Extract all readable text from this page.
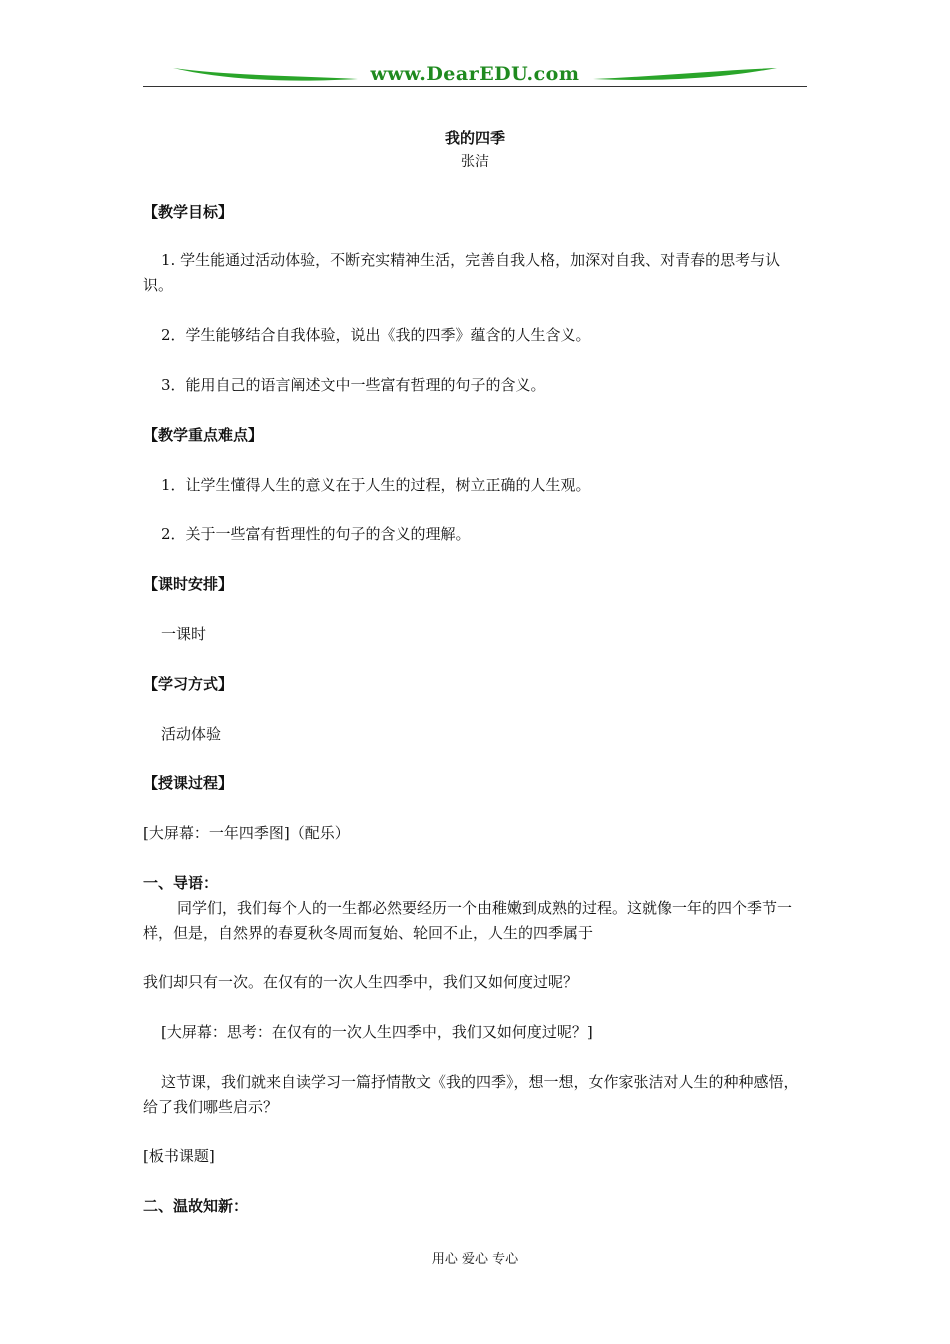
www.DearEDU.com
我的四季
张洁
【教学目标】
1. 学生能通过活动体验，不断充实精神生活，完善自我人格，加深对自我、对青春的思考与认识。
2．学生能够结合自我体验，说出《我的四季》蕴含的人生含义。
3．能用自己的语言阐述文中一些富有哲理的句子的含义。
【教学重点难点】
1．让学生懂得人生的意义在于人生的过程，树立正确的人生观。
2．关于一些富有哲理性的句子的含义的理解。
【课时安排】
一课时
【学习方式】
活动体验
【授课过程】
[大屏幕：一年四季图]（配乐）
一、导语：
同学们，我们每个人的一生都必然要经历一个由稚嫩到成熟的过程。这就像一年的四个季节一样，但是，自然界的春夏秋冬周而复始、轮回不止，人生的四季属于
我们却只有一次。在仅有的一次人生四季中，我们又如何度过呢？
[大屏幕：思考：在仅有的一次人生四季中，我们又如何度过呢？]
这节课，我们就来自读学习一篇抒情散文《我的四季》，想一想，女作家张洁对人生的种种感悟，给了我们哪些启示？
[板书课题]
二、温故知新：
用心 爱心 专心
